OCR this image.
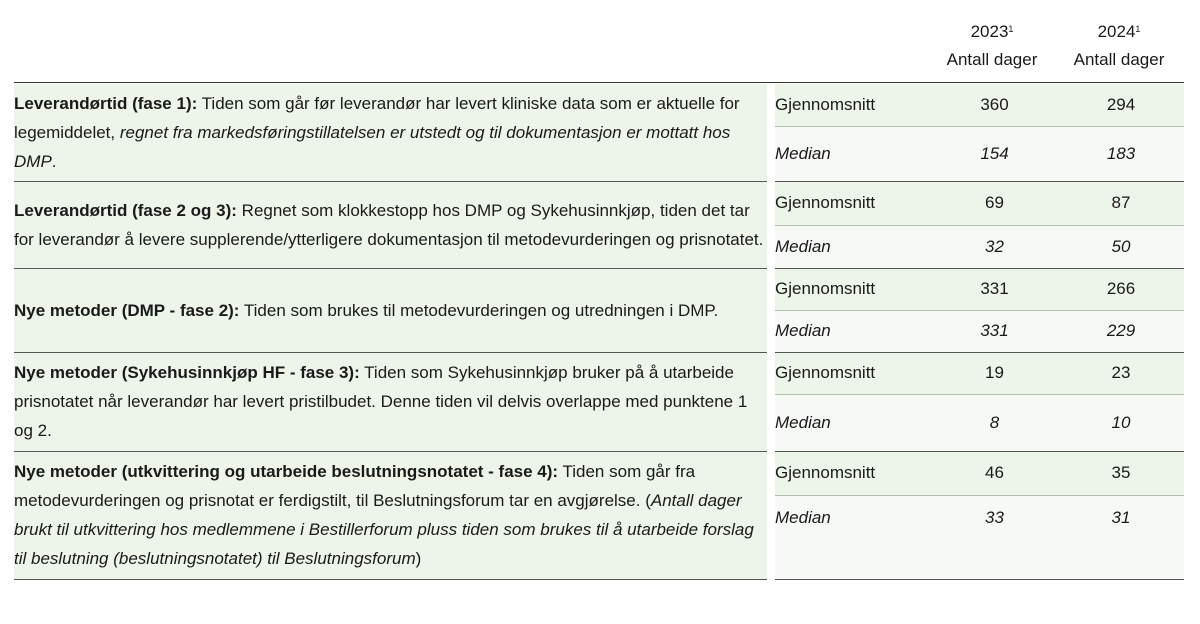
2023$^1$
Antall dager
2024$^1$
Antall dager
Leverandørtid (fase 1): Tiden som går før leverandør har levert kliniske data som er aktuelle for legemiddelet, regnet fra markedsføringstillatelsen er utstedt og til dokumentasjon er mottatt hos DMP.	Gjennomsnitt	360	294
	Median	154	183
Leverandørtid (fase 2 og 3): Regnet som klokkestopp hos DMP og Sykehusinnkjøp, tiden det tar for leverandør å levere supplerende/ytterligere dokumentasjon til metodevurderingen og prisnotatet.	Gjennomsnitt	69	87
	Median	32	50
Nye metoder (DMP - fase 2): Tiden som brukes til metodevurderingen og utredningen i DMP.	Gjennomsnitt	331	266
	Median	331	229
Nye metoder (Sykehusinnkjøp HF - fase 3): Tiden som Sykehusinnkjøp bruker på å utarbeide prisnotatet når leverandør har levert pristilbudet. Denne tiden vil delvis overlappe med punktene 1 og 2.	Gjennomsnitt	19	23
	Median	8	10
Nye metoder (utkvittering og utarbeide beslutningsnotatet - fase 4): Tiden som går fra metodevurderingen og prisnotat er ferdigstilt, til Beslutningsforum tar en avgjørelse. (Antall dager brukt til utkvittering hos medlemmene i Bestillerforum pluss tiden som brukes til å utarbeide forslag til beslutning (beslutningsnotatet) til Beslutningsforum)	Gjennomsnitt	46	35
	Median	33	31
